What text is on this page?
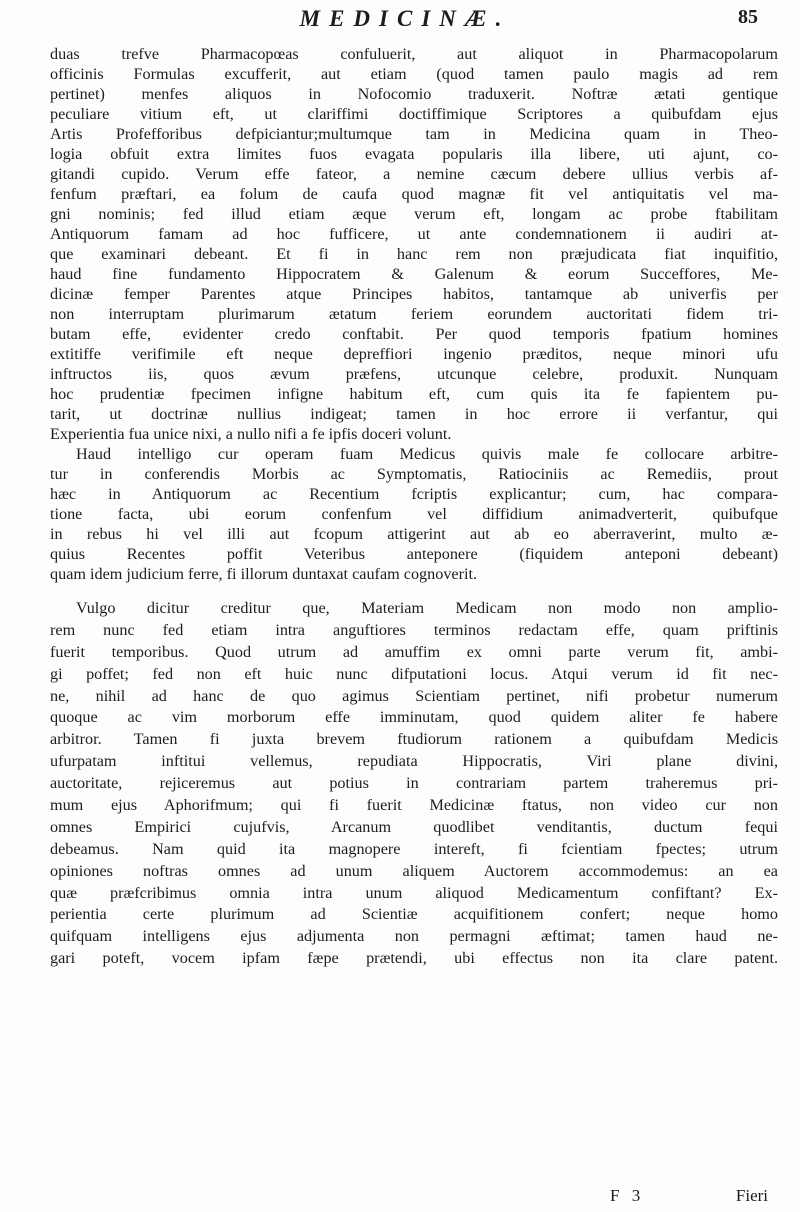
MEDICINÆ.	85
duas trefve Pharmacopœas confuluerit, aut aliquot in Pharmacopolarum
officinis Formulas excufferit, aut etiam (quod tamen paulo magis ad rem
pertinet) menfes aliquos in Nofocomio traduxerit. Noftræ ætati gentique
peculiare vitium eft, ut clariffimi doctiffimique Scriptores a quibufdam ejus
Artis Profefforibus defpiciantur;multumque tam in Medicina quam in Theo-
logia obfuit extra limites fuos evagata popularis illa libere, uti ajunt, co-
gitandi cupido. Verum effe fateor, a nemine cæcum debere ullius verbis af-
fenfum præftari, ea folum de caufa quod magnæ fit vel antiquitatis vel ma-
gni nominis; fed illud etiam æque verum eft, longam ac probe ftabilitam
Antiquorum famam ad hoc fufficere, ut ante condemnationem ii audiri at-
que examinari debeant. Et fi in hanc rem non præjudicata fiat inquifitio,
haud fine fundamento Hippocratem & Galenum & eorum Succeffores, Me-
dicinæ femper Parentes atque Principes habitos, tantamque ab univerfis per
non interruptam plurimarum ætatum feriem eorundem auctoritati fidem tri-
butam effe, evidenter credo conftabit. Per quod temporis fpatium homines
extitiffe verifimile eft neque depreffiori ingenio præditos, neque minori ufu
inftructos iis, quos ævum præfens, utcunque celebre, produxit. Nunquam
hoc prudentiæ fpecimen infigne habitum eft, cum quis ita fe fapientem pu-
tarit, ut doctrinæ nullius indigeat; tamen in hoc errore ii verfantur, qui
Experientia fua unice nixi, a nullo nifi a fe ipfis doceri volunt.
Haud intelligo cur operam fuam Medicus quivis male fe collocare arbitre-
tur in conferendis Morbis ac Symptomatis, Ratiociniis ac Remediis, prout
hæc in Antiquorum ac Recentium fcriptis explicantur; cum, hac compara-
tione facta, ubi eorum confenfum vel diffidium animadverterit, quibufque
in rebus hi vel illi aut fcopum attigerint aut ab eo aberraverint, multo æ-
quius Recentes poffit Veteribus anteponere (fiquidem anteponi debeant)
quam idem judicium ferre, fi illorum duntaxat caufam cognoverit.
Vulgo dicitur creditur que, Materiam Medicam non modo non amplio-
rem nunc fed etiam intra anguftiores terminos redactam effe, quam priftinis
fuerit temporibus. Quod utrum ad amuffim ex omni parte verum fit, ambi-
gi poffet; fed non eft huic nunc difputationi locus. Atqui verum id fit nec-
ne, nihil ad hanc de quo agimus Scientiam pertinet, nifi probetur numerum
quoque ac vim morborum effe imminutam, quod quidem aliter fe habere
arbitror. Tamen fi juxta brevem ftudiorum rationem a quibufdam Medicis
ufurpatam inftitui vellemus, repudiata Hippocratis, Viri plane divini,
auctoritate, rejiceremus aut potius in contrariam partem traheremus pri-
mum ejus Aphorifmum; qui fi fuerit Medicinæ ftatus, non video cur non
omnes Empirici cujufvis, Arcanum quodlibet venditantis, ductum fequi
debeamus. Nam quid ita magnopere intereft, fi fcientiam fpectes; utrum
opiniones noftras omnes ad unum aliquem Auctorem accommodemus: an ea
quæ præfcribimus omnia intra unum aliquod Medicamentum confiftant? Ex-
perientia certe plurimum ad Scientiæ acquifitionem confert; neque homo
quifquam intelligens ejus adjumenta non permagni æftimat; tamen haud ne-
gari poteft, vocem ipfam fæpe prætendi, ubi effectus non ita clare patent.
F 3	Fieri
